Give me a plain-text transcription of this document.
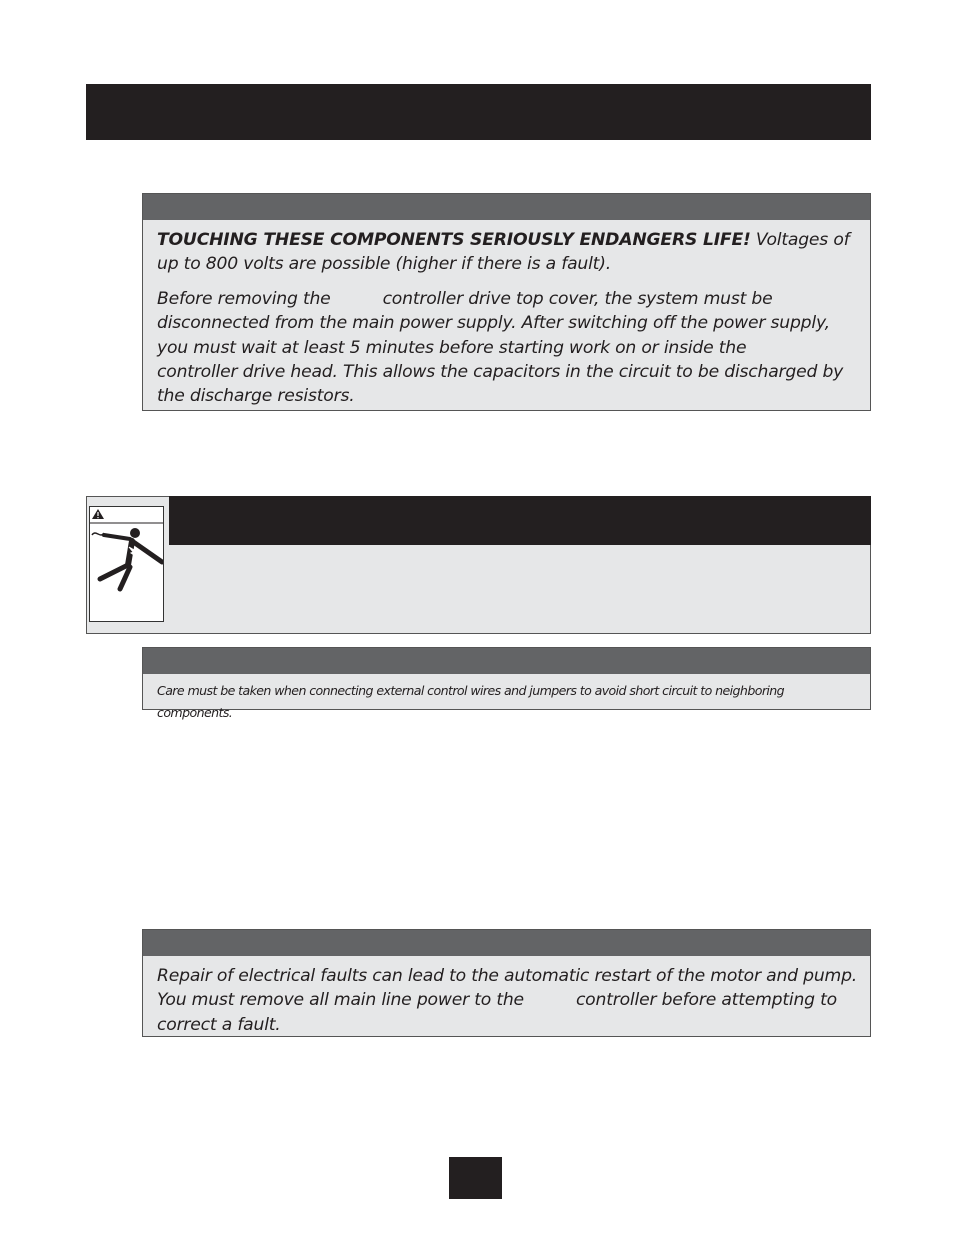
TOUCHING THESE COMPONENTS SERIOUSLY ENDANGERS LIFE! Voltages of up to 800 volts are possible (higher if there is a fault).

Before removing the	controller drive top cover, the system must be disconnected from the main power supply. After switching off the power supply, you must wait at least 5 minutes before starting work on or inside thecontroller drive head. This allows the capacitors in the circuit to be discharged by the discharge resistors.

Care must be taken when connecting external control wires and jumpers to avoid short circuit to neighboring components.

Repair of electrical faults can lead to the automatic restart of the motor and pump. You must remove all main line power to the	controller before attempting to correct a fault.
